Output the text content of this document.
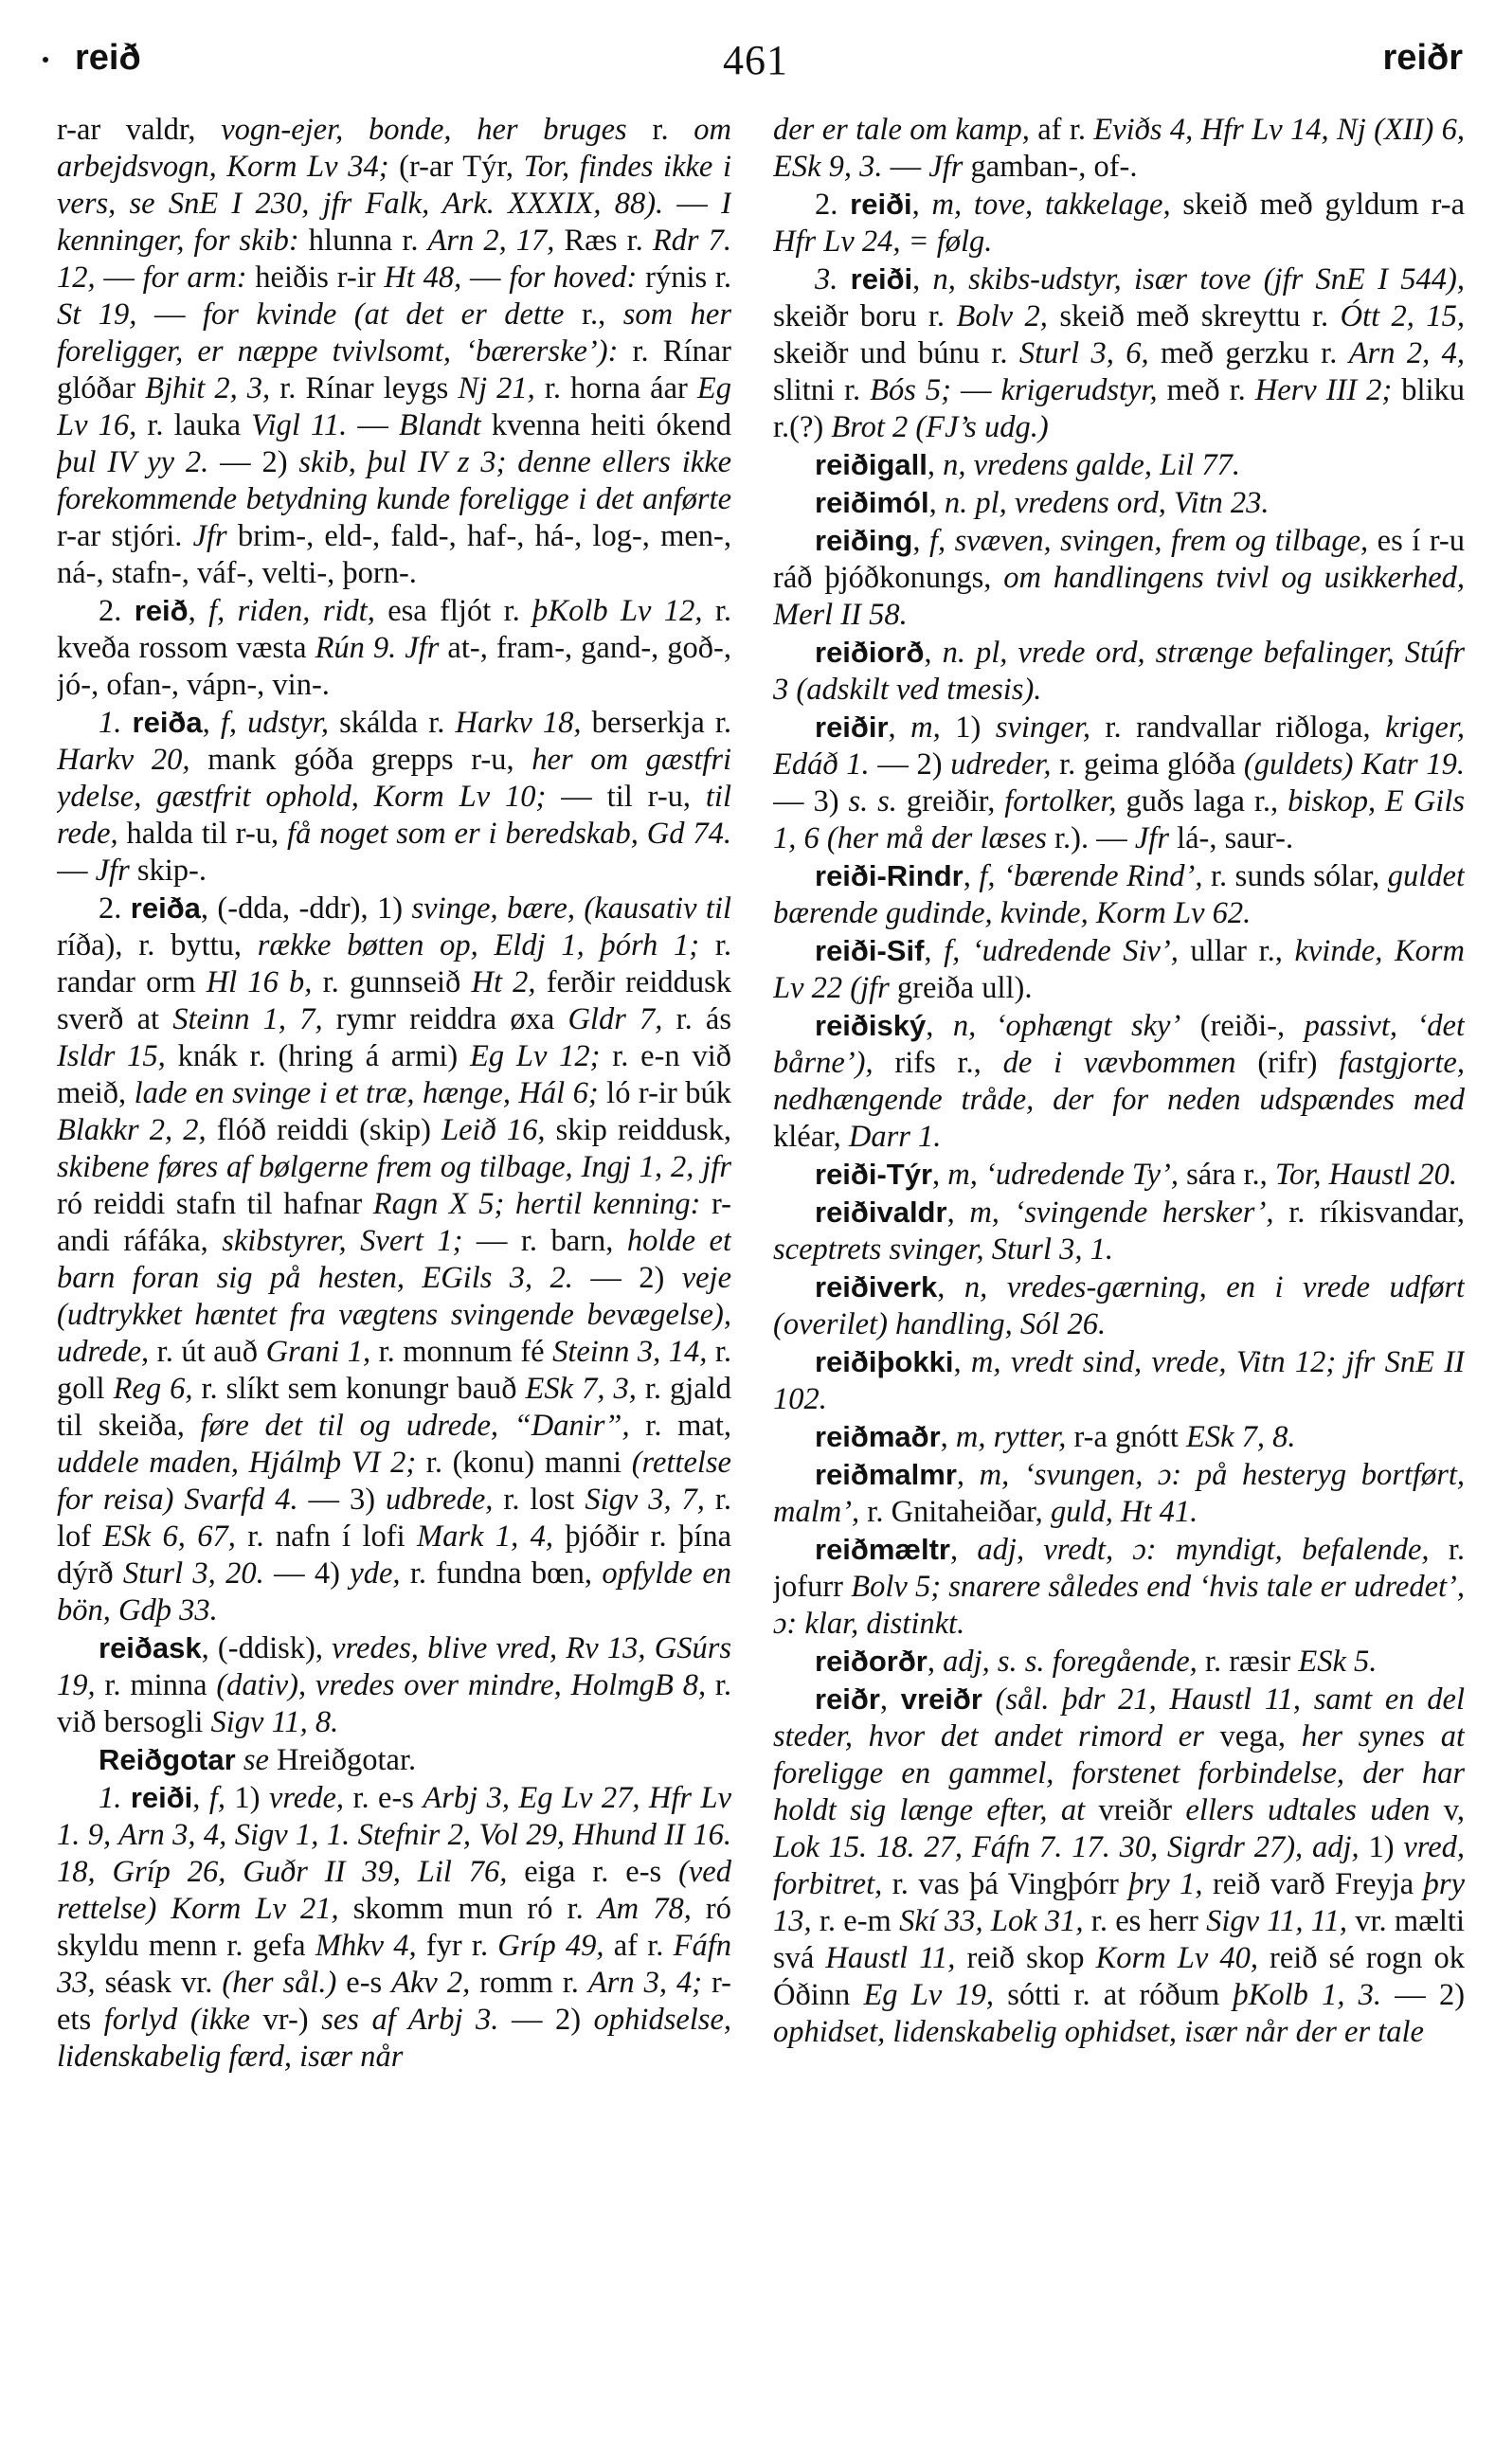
reið	461	reiðr

r-ar valdr, vogn-ejer, bonde, her bruges r. om arbejdsvogn, Korm Lv 34; (r-ar Týr, Tor, findes ikke i vers, se SnE I 230, jfr Falk, Ark. XXXIX, 88). — I kenninger, for skib: hlunna r. Arn 2, 17, Ræs r. Rdr 7. 12, — for arm: heiðis r-ir Ht 48, — for hoved: rýnis r. St 19, — for kvinde (at det er dette r., som her foreligger, er næppe tvivlsomt, ‘bærerske’): r. Rínar glóðar Bjhit 2, 3, r. Rínar leygs Nj 21, r. horna áar Eg Lv 16, r. lauka Vigl 11. — Blandt kvenna heiti ókend þul IV yy 2. — 2) skib, þul IV z 3; denne ellers ikke forekommende betydning kunde foreligge i det anførte r-ar stjóri. Jfr brim-, eld-, fald-, haf-, há-, log-, men-, ná-, stafn-, váf-, velti-, þorn-.

2. reið, f, riden, ridt, esa fljót r. þKolb Lv 12, r. kveða rossom væsta Rún 9. Jfr at-, fram-, gand-, goð-, jó-, ofan-, vápn-, vin-.

1. reiða, f, udstyr, skálda r. Harkv 18, berserkja r. Harkv 20, mank góða grepps r-u, her om gæstfri ydelse, gæstfrit ophold, Korm Lv 10; — til r-u, til rede, halda til r-u, få noget som er i beredskab, Gd 74. — Jfr skip-.

2. reiða, (-dda, -ddr), 1) svinge, bære, (kausativ til ríða), r. byttu, række bøtten op, Eldj 1, þórh 1; r. randar orm Hl 16 b, r. gunnseið Ht 2, ferðir reiddusk sverð at Steinn 1, 7, rymr reiddra øxa Gldr 7, r. ás Isldr 15, knák r. (hring á armi) Eg Lv 12; r. e-n við meið, lade en svinge i et træ, hænge, Hál 6; ló r-ir búk Blakkr 2, 2, flóð reiddi (skip) Leið 16, skip reiddusk, skibene føres af bølgerne frem og tilbage, Ingj 1, 2, jfr ró reiddi stafn til hafnar Ragn X 5; hertil kenning: r-andi ráfáka, skibstyrer, Svert 1; — r. barn, holde et barn foran sig på hesten, EGils 3, 2. — 2) veje (udtrykket hæntet fra vægtens svingende bevægelse), udrede, r. út auð Grani 1, r. monnum fé Steinn 3, 14, r. goll Reg 6, r. slíkt sem konungr bauð ESk 7, 3, r. gjald til skeiða, føre det til og udrede, “Danir”, r. mat, uddele maden, Hjálmþ VI 2; r. (konu) manni (rettelse for reisa) Svarfd 4. — 3) udbrede, r. lost Sigv 3, 7, r. lof ESk 6, 67, r. nafn í lofi Mark 1, 4, þjóðir r. þína dýrð Sturl 3, 20. — 4) yde, r. fundna bœn, opfylde en bön, Gdþ 33.

reiðask, (-ddisk), vredes, blive vred, Rv 13, GSúrs 19, r. minna (dativ), vredes over mindre, HolmgB 8, r. við bersogli Sigv 11, 8.

Reiðgotar se Hreiðgotar.

1. reiði, f, 1) vrede, r. e-s Arbj 3, Eg Lv 27, Hfr Lv 1. 9, Arn 3, 4, Sigv 1, 1. Stefnir 2, Vol 29, Hhund II 16. 18, Gríp 26, Guðr II 39, Lil 76, eiga r. e-s (ved rettelse) Korm Lv 21, skomm mun ró r. Am 78, ró skyldu menn r. gefa Mhkv 4, fyr r. Gríp 49, af r. Fáfn 33, séask vr. (her sål.) e-s Akv 2, romm r. Arn 3, 4; r-ets forlyd (ikke vr-) ses af Arbj 3. — 2) ophidselse, lidenskabelig færd, især når

der er tale om kamp, af r. Eviðs 4, Hfr Lv 14, Nj (XII) 6, ESk 9, 3. — Jfr gamban-, of-.

2. reiði, m, tove, takkelage, skeið með gyldum r-a Hfr Lv 24, = følg.

3. reiði, n, skibs-udstyr, især tove (jfr SnE I 544), skeiðr boru r. Bolv 2, skeið með skreyttu r. Ótt 2, 15, skeiðr und búnu r. Sturl 3, 6, með gerzku r. Arn 2, 4, slitni r. Bós 5; — krigerudstyr, með r. Herv III 2; bliku r.(?) Brot 2 (FJ’s udg.)

reiðigall, n, vredens galde, Lil 77.

reiðimól, n. pl, vredens ord, Vitn 23.

reiðing, f, svæven, svingen, frem og tilbage, es í r-u ráð þjóðkonungs, om handlingens tvivl og usikkerhed, Merl II 58.

reiðiorð, n. pl, vrede ord, strænge befalinger, Stúfr 3 (adskilt ved tmesis).

reiðir, m, 1) svinger, r. randvallar riðloga, kriger, Edáð 1. — 2) udreder, r. geima glóða (guldets) Katr 19. — 3) s. s. greiðir, fortolker, guðs laga r., biskop, E Gils 1, 6 (her må der læses r.). — Jfr lá-, saur-.

reiði-Rindr, f, ‘bærende Rind’, r. sunds sólar, guldet bærende gudinde, kvinde, Korm Lv 62.

reiði-Sif, f, ‘udredende Siv’, ullar r., kvinde, Korm Lv 22 (jfr greiða ull).

reiðiský, n, ‘ophængt sky’ (reiði-, passivt, ‘det bårne’), rifs r., de i vævbommen (rifr) fastgjorte, nedhængende tråde, der for neden udspændes med kléar, Darr 1.

reiði-Týr, m, ‘udredende Ty’, sára r., Tor, Haustl 20.

reiðivaldr, m, ‘svingende hersker’, r. ríkisvandar, sceptrets svinger, Sturl 3, 1.

reiðiverk, n, vredes-gærning, en i vrede udført (overilet) handling, Sól 26.

reiðiþokki, m, vredt sind, vrede, Vitn 12; jfr SnE II 102.

reiðmaðr, m, rytter, r-a gnótt ESk 7, 8.

reiðmalmr, m, ‘svungen, ɔ: på hesteryg bortført, malm’, r. Gnitaheiðar, guld, Ht 41.

reiðmæltr, adj, vredt, ɔ: myndigt, befalende, r. jofurr Bolv 5; snarere således end ‘hvis tale er udredet’, ɔ: klar, distinkt.

reiðorðr, adj, s. s. foregående, r. ræsir ESk 5.

reiðr, vreiðr (sål. þdr 21, Haustl 11, samt en del steder, hvor det andet rimord er vega, her synes at foreligge en gammel, forstenet forbindelse, der har holdt sig længe efter, at vreiðr ellers udtales uden v, Lok 15. 18. 27, Fáfn 7. 17. 30, Sigrdr 27), adj, 1) vred, forbitret, r. vas þá Vingþórr þry 1, reið varð Freyja þry 13, r. e-m Skí 33, Lok 31, r. es herr Sigv 11, 11, vr. mælti svá Haustl 11, reið skop Korm Lv 40, reið sé rogn ok Óðinn Eg Lv 19, sótti r. at róðum þKolb 1, 3. — 2) ophidset, lidenskabelig ophidset, især når der er tale
